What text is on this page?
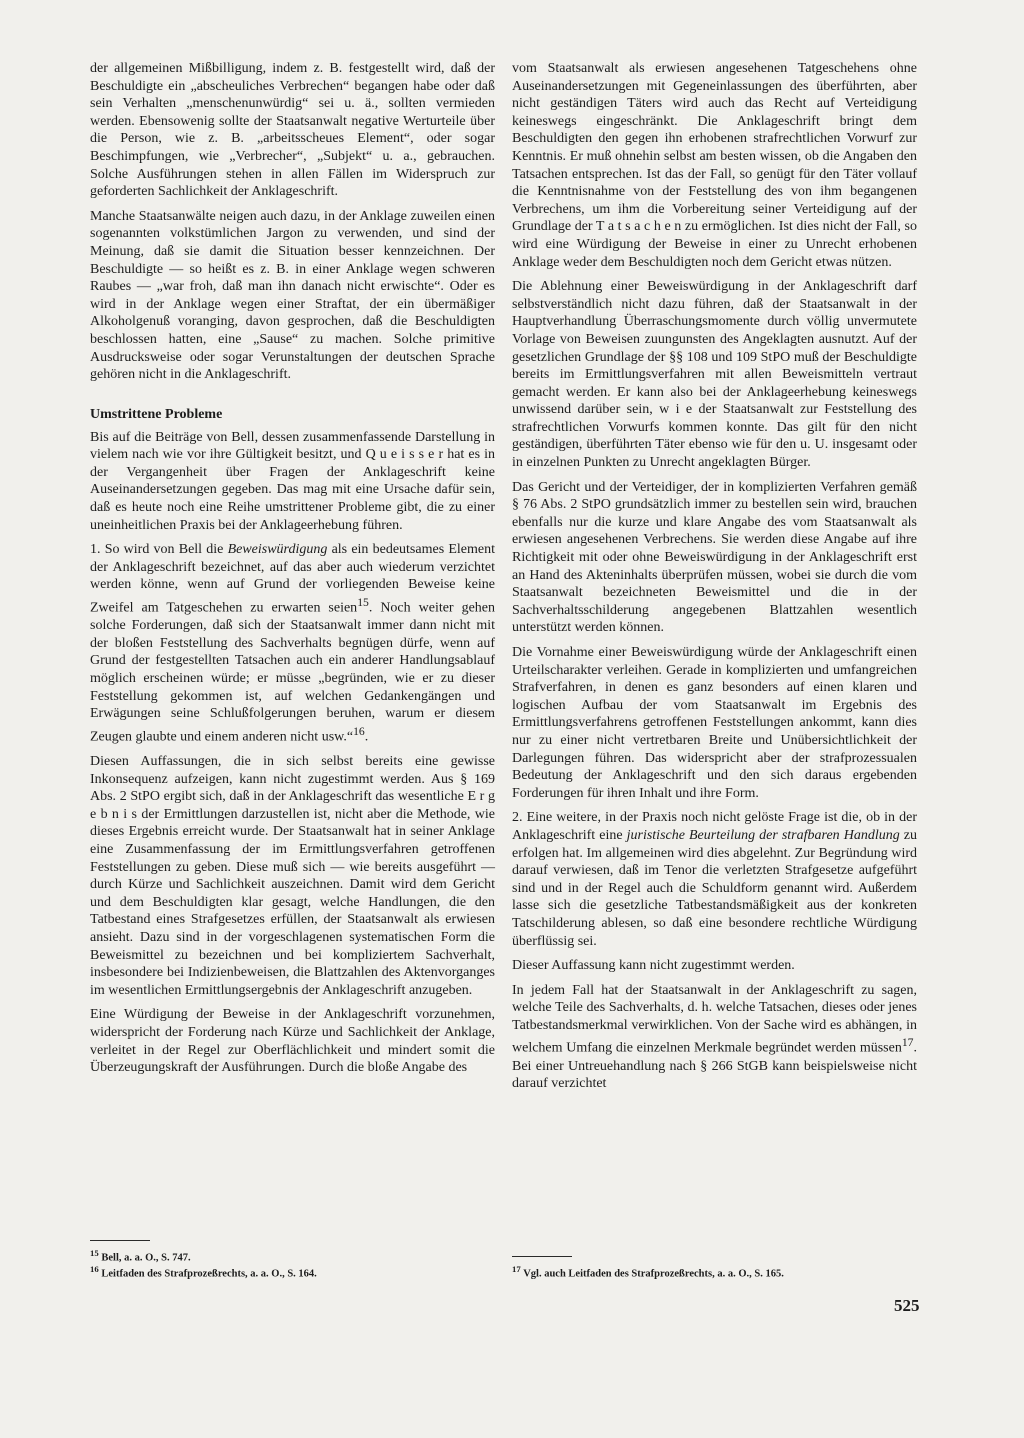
der allgemeinen Mißbilligung, indem z. B. festgestellt wird, daß der Beschuldigte ein „abscheuliches Verbrechen“ begangen habe oder daß sein Verhalten „menschenunwürdig“ sei u. ä., sollten vermieden werden. Ebensowenig sollte der Staatsanwalt negative Werturteile über die Person, wie z. B. „arbeitsscheues Element“, oder sogar Beschimpfungen, wie „Verbrecher“, „Subjekt“ u. a., gebrauchen. Solche Ausführungen stehen in allen Fällen im Widerspruch zur geforderten Sachlichkeit der Anklageschrift.

Manche Staatsanwälte neigen auch dazu, in der Anklage zuweilen einen sogenannten volkstümlichen Jargon zu verwenden, und sind der Meinung, daß sie damit die Situation besser kennzeichnen. Der Beschuldigte — so heißt es z. B. in einer Anklage wegen schweren Raubes — „war froh, daß man ihn danach nicht erwischte“. Oder es wird in der Anklage wegen einer Straftat, der ein übermäßiger Alkoholgenuß voranging, davon gesprochen, daß die Beschuldigten beschlossen hatten, eine „Sause“ zu machen. Solche primitive Ausdrucksweise oder sogar Verunstaltungen der deutschen Sprache gehören nicht in die Anklageschrift.

Umstrittene Probleme

Bis auf die Beiträge von Bell, dessen zusammenfassende Darstellung in vielem nach wie vor ihre Gültigkeit besitzt, und Q u e i s s e r hat es in der Vergangenheit über Fragen der Anklageschrift keine Auseinandersetzungen gegeben. Das mag mit eine Ursache dafür sein, daß es heute noch eine Reihe umstrittener Probleme gibt, die zu einer uneinheitlichen Praxis bei der Anklageerhebung führen.

1. So wird von Bell die Beweiswürdigung als ein bedeutsames Element der Anklageschrift bezeichnet, auf das aber auch wiederum verzichtet werden könne, wenn auf Grund der vorliegenden Beweise keine Zweifel am Tatgeschehen zu erwarten seien$^{15}$. Noch weiter gehen solche Forderungen, daß sich der Staatsanwalt immer dann nicht mit der bloßen Feststellung des Sachverhalts begnügen dürfe, wenn auf Grund der festgestellten Tatsachen auch ein anderer Handlungsablauf möglich erscheinen würde; er müsse „begründen, wie er zu dieser Feststellung gekommen ist, auf welchen Gedankengängen und Erwägungen seine Schlußfolgerungen beruhen, warum er diesem Zeugen glaubte und einem anderen nicht usw.“$^{16}$.

Diesen Auffassungen, die in sich selbst bereits eine gewisse Inkonsequenz aufzeigen, kann nicht zugestimmt werden. Aus § 169 Abs. 2 StPO ergibt sich, daß in der Anklageschrift das wesentliche E r g e b n i s der Ermittlungen darzustellen ist, nicht aber die Methode, wie dieses Ergebnis erreicht wurde. Der Staatsanwalt hat in seiner Anklage eine Zusammenfassung der im Ermittlungsverfahren getroffenen Feststellungen zu geben. Diese muß sich — wie bereits ausgeführt — durch Kürze und Sachlichkeit auszeichnen. Damit wird dem Gericht und dem Beschuldigten klar gesagt, welche Handlungen, die den Tatbestand eines Strafgesetzes erfüllen, der Staatsanwalt als erwiesen ansieht. Dazu sind in der vorgeschlagenen systematischen Form die Beweismittel zu bezeichnen und bei kompliziertem Sachverhalt, insbesondere bei Indizienbeweisen, die Blattzahlen des Aktenvorganges im wesentlichen Ermittlungsergebnis der Anklageschrift anzugeben.

Eine Würdigung der Beweise in der Anklageschrift vorzunehmen, widerspricht der Forderung nach Kürze und Sachlichkeit der Anklage, verleitet in der Regel zur Oberflächlichkeit und mindert somit die Überzeugungskraft der Ausführungen. Durch die bloße Angabe des

vom Staatsanwalt als erwiesen angesehenen Tatgeschehens ohne Auseinandersetzungen mit Gegeneinlassungen des überführten, aber nicht geständigen Täters wird auch das Recht auf Verteidigung keineswegs eingeschränkt. Die Anklageschrift bringt dem Beschuldigten den gegen ihn erhobenen strafrechtlichen Vorwurf zur Kenntnis. Er muß ohnehin selbst am besten wissen, ob die Angaben den Tatsachen entsprechen. Ist das der Fall, so genügt für den Täter vollauf die Kenntnisnahme von der Feststellung des von ihm begangenen Verbrechens, um ihm die Vorbereitung seiner Verteidigung auf der Grundlage der T a t s a c h e n zu ermöglichen. Ist dies nicht der Fall, so wird eine Würdigung der Beweise in einer zu Unrecht erhobenen Anklage weder dem Beschuldigten noch dem Gericht etwas nützen.

Die Ablehnung einer Beweiswürdigung in der Anklageschrift darf selbstverständlich nicht dazu führen, daß der Staatsanwalt in der Hauptverhandlung Überraschungsmomente durch völlig unvermutete Vorlage von Beweisen zuungunsten des Angeklagten ausnutzt. Auf der gesetzlichen Grundlage der §§ 108 und 109 StPO muß der Beschuldigte bereits im Ermittlungsverfahren mit allen Beweismitteln vertraut gemacht werden. Er kann also bei der Anklageerhebung keineswegs unwissend darüber sein, w i e der Staatsanwalt zur Feststellung des strafrechtlichen Vorwurfs kommen konnte. Das gilt für den nicht geständigen, überführten Täter ebenso wie für den u. U. insgesamt oder in einzelnen Punkten zu Unrecht angeklagten Bürger.

Das Gericht und der Verteidiger, der in komplizierten Verfahren gemäß § 76 Abs. 2 StPO grundsätzlich immer zu bestellen sein wird, brauchen ebenfalls nur die kurze und klare Angabe des vom Staatsanwalt als erwiesen angesehenen Verbrechens. Sie werden diese Angabe auf ihre Richtigkeit mit oder ohne Beweiswürdigung in der Anklageschrift erst an Hand des Akteninhalts überprüfen müssen, wobei sie durch die vom Staatsanwalt bezeichneten Beweismittel und die in der Sachverhaltsschilderung angegebenen Blattzahlen wesentlich unterstützt werden können.

Die Vornahme einer Beweiswürdigung würde der Anklageschrift einen Urteilscharakter verleihen. Gerade in komplizierten und umfangreichen Strafverfahren, in denen es ganz besonders auf einen klaren und logischen Aufbau der vom Staatsanwalt im Ergebnis des Ermittlungsverfahrens getroffenen Feststellungen ankommt, kann dies nur zu einer nicht vertretbaren Breite und Unübersichtlichkeit der Darlegungen führen. Das widerspricht aber der strafprozessualen Bedeutung der Anklageschrift und den sich daraus ergebenden Forderungen für ihren Inhalt und ihre Form.

2. Eine weitere, in der Praxis noch nicht gelöste Frage ist die, ob in der Anklageschrift eine juristische Beurteilung der strafbaren Handlung zu erfolgen hat. Im allgemeinen wird dies abgelehnt. Zur Begründung wird darauf verwiesen, daß im Tenor die verletzten Strafgesetze aufgeführt sind und in der Regel auch die Schuldform genannt wird. Außerdem lasse sich die gesetzliche Tatbestandsmäßigkeit aus der konkreten Tatschilderung ablesen, so daß eine besondere rechtliche Würdigung überflüssig sei.

Dieser Auffassung kann nicht zugestimmt werden.

In jedem Fall hat der Staatsanwalt in der Anklageschrift zu sagen, welche Teile des Sachverhalts, d. h. welche Tatsachen, dieses oder jenes Tatbestandsmerkmal verwirklichen. Von der Sache wird es abhängen, in welchem Umfang die einzelnen Merkmale begründet werden müssen$^{17}$. Bei einer Untreuehandlung nach § 266 StGB kann beispielsweise nicht darauf verzichtet

$^{15}$ Bell, a. a. O., S. 747.
$^{16}$ Leitfaden des Strafprozeßrechts, a. a. O., S. 164.	$^{17}$ Vgl. auch Leitfaden des Strafprozeßrechts, a. a. O., S. 165.
525
